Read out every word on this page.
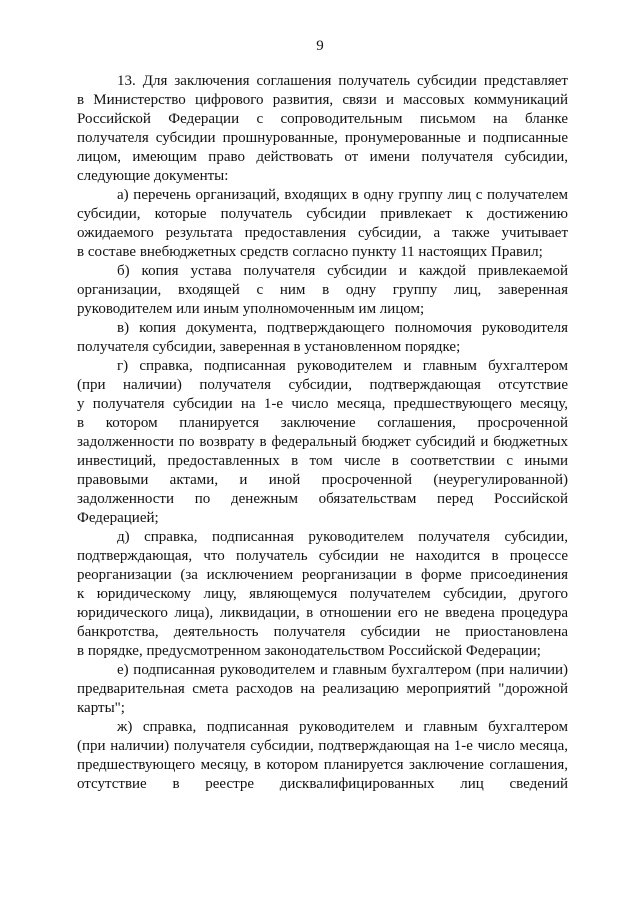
9

13. Для заключения соглашения получатель субсидии представляет
в Министерство цифрового развития, связи и массовых коммуникаций
Российской Федерации с сопроводительным письмом на бланке
получателя субсидии прошнурованные, пронумерованные и подписанные
лицом, имеющим право действовать от имени получателя субсидии,
следующие документы:

а) перечень организаций, входящих в одну группу лиц с получателем
субсидии, которые получатель субсидии привлекает к достижению
ожидаемого результата предоставления субсидии, а также учитывает
в составе внебюджетных средств согласно пункту 11 настоящих Правил;

б) копия устава получателя субсидии и каждой привлекаемой
организации, входящей с ним в одну группу лиц, заверенная
руководителем или иным уполномоченным им лицом;

в) копия документа, подтверждающего полномочия руководителя
получателя субсидии, заверенная в установленном порядке;

г) справка, подписанная руководителем и главным бухгалтером
(при наличии) получателя субсидии, подтверждающая отсутствие
у получателя субсидии на 1-е число месяца, предшествующего месяцу,
в котором планируется заключение соглашения, просроченной
задолженности по возврату в федеральный бюджет субсидий и бюджетных
инвестиций, предоставленных в том числе в соответствии с иными
правовыми актами, и иной просроченной (неурегулированной)
задолженности по денежным обязательствам перед Российской
Федерацией;

д) справка, подписанная руководителем получателя субсидии,
подтверждающая, что получатель субсидии не находится в процессе
реорганизации (за исключением реорганизации в форме присоединения
к юридическому лицу, являющемуся получателем субсидии, другого
юридического лица), ликвидации, в отношении его не введена процедура
банкротства, деятельность получателя субсидии не приостановлена
в порядке, предусмотренном законодательством Российской Федерации;

е) подписанная руководителем и главным бухгалтером (при наличии)
предварительная смета расходов на реализацию мероприятий "дорожной
карты";

ж) справка, подписанная руководителем и главным бухгалтером
(при наличии) получателя субсидии, подтверждающая на 1-е число месяца,
предшествующего месяцу, в котором планируется заключение соглашения,
отсутствие в реестре дисквалифицированных лиц сведений
